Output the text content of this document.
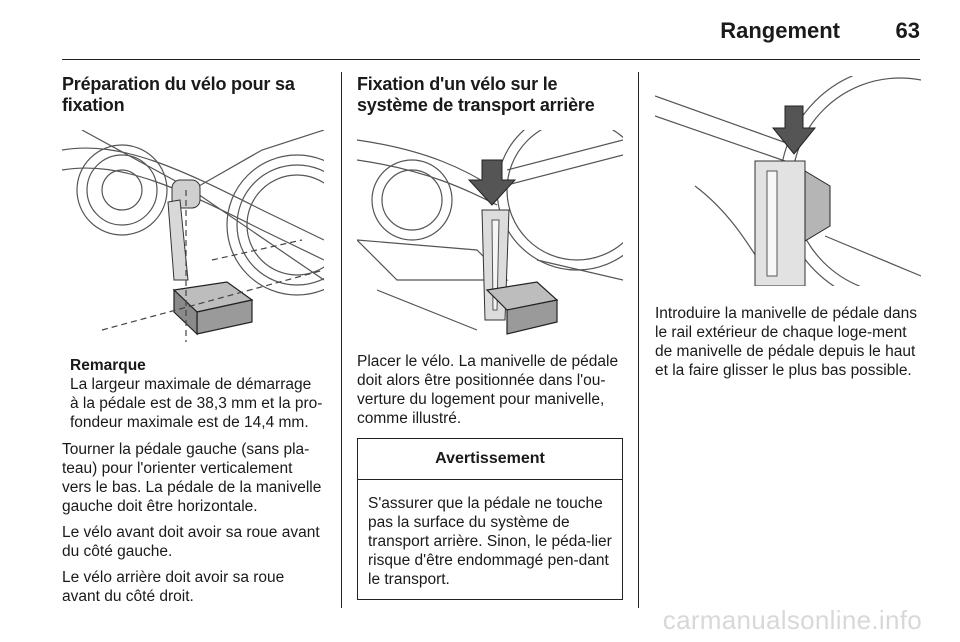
Rangement	63
Préparation du vélo pour sa fixation
Remarque
La largeur maximale de démarrage à la pédale est de 38,3 mm et la pro-fondeur maximale est de 14,4 mm.

Tourner la pédale gauche (sans pla-teau) pour l'orienter verticalement vers le bas. La pédale de la manivelle gauche doit être horizontale.

Le vélo avant doit avoir sa roue avant du côté gauche.

Le vélo arrière doit avoir sa roue avant du côté droit.

Fixation d'un vélo sur le système de transport arrière

Placer le vélo. La manivelle de pédale doit alors être positionnée dans l'ou-verture du logement pour manivelle, comme illustré.

Avertissement
S'assurer que la pédale ne touche pas la surface du système de transport arrière. Sinon, le péda-lier risque d'être endommagé pen-dant le transport.

Introduire la manivelle de pédale dans le rail extérieur de chaque loge-ment de manivelle de pédale depuis le haut et la faire glisser le plus bas possible.

carmanualsonline.info
